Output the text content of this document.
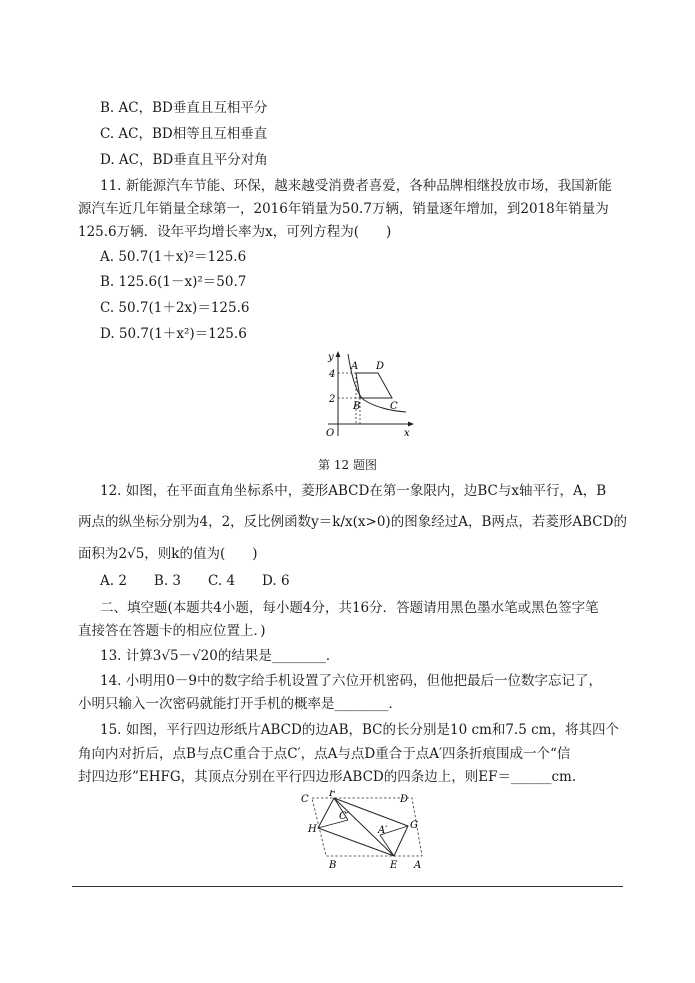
B. AC，BD垂直且互相平分
C. AC，BD相等且互相垂直
D. AC，BD垂直且平分对角
11. 新能源汽车节能、环保，越来越受消费者喜爱，各种品牌相继投放市场，我国新能
源汽车近几年销量全球第一，2016年销量为50.7万辆，销量逐年增加，到2018年销量为
125.6万辆．设年平均增长率为x，可列方程为(　　)
A. 50.7(1＋x)²＝125.6
B. 125.6(1－x)²＝50.7
C. 50.7(1＋2x)＝125.6
D. 50.7(1＋x²)＝125.6
12. 如图，在平面直角坐标系中，菱形ABCD在第一象限内，边BC与x轴平行，A，B
两点的纵坐标分别为4，2，反比例函数y＝k/x(x>0)的图象经过A，B两点，若菱形ABCD的
面积为2√5，则k的值为(　　)
A. 2　　B. 3　　C. 4　　D. 6
二、填空题(本题共4小题，每小题4分，共16分．答题请用黑色墨水笔或黑色签字笔
直接答在答题卡的相应位置上．)
13. 计算3√5－√20的结果是________．
14. 小明用0－9中的数字给手机设置了六位开机密码，但他把最后一位数字忘记了，
小明只输入一次密码就能打开手机的概率是________．
15. 如图，平行四边形纸片ABCD的边AB，BC的长分别是10 cm和7.5 cm，将其四个
角向内对折后，点B与点C重合于点C′，点A与点D重合于点A′四条折痕围成一个“信
封四边形”EHFG，其顶点分别在平行四边形ABCD的四条边上，则EF＝______cm.
y
x
O
4
2
A D
B	C
第 12 题图
C
F
D
H
C′
A′ G
B	E A
